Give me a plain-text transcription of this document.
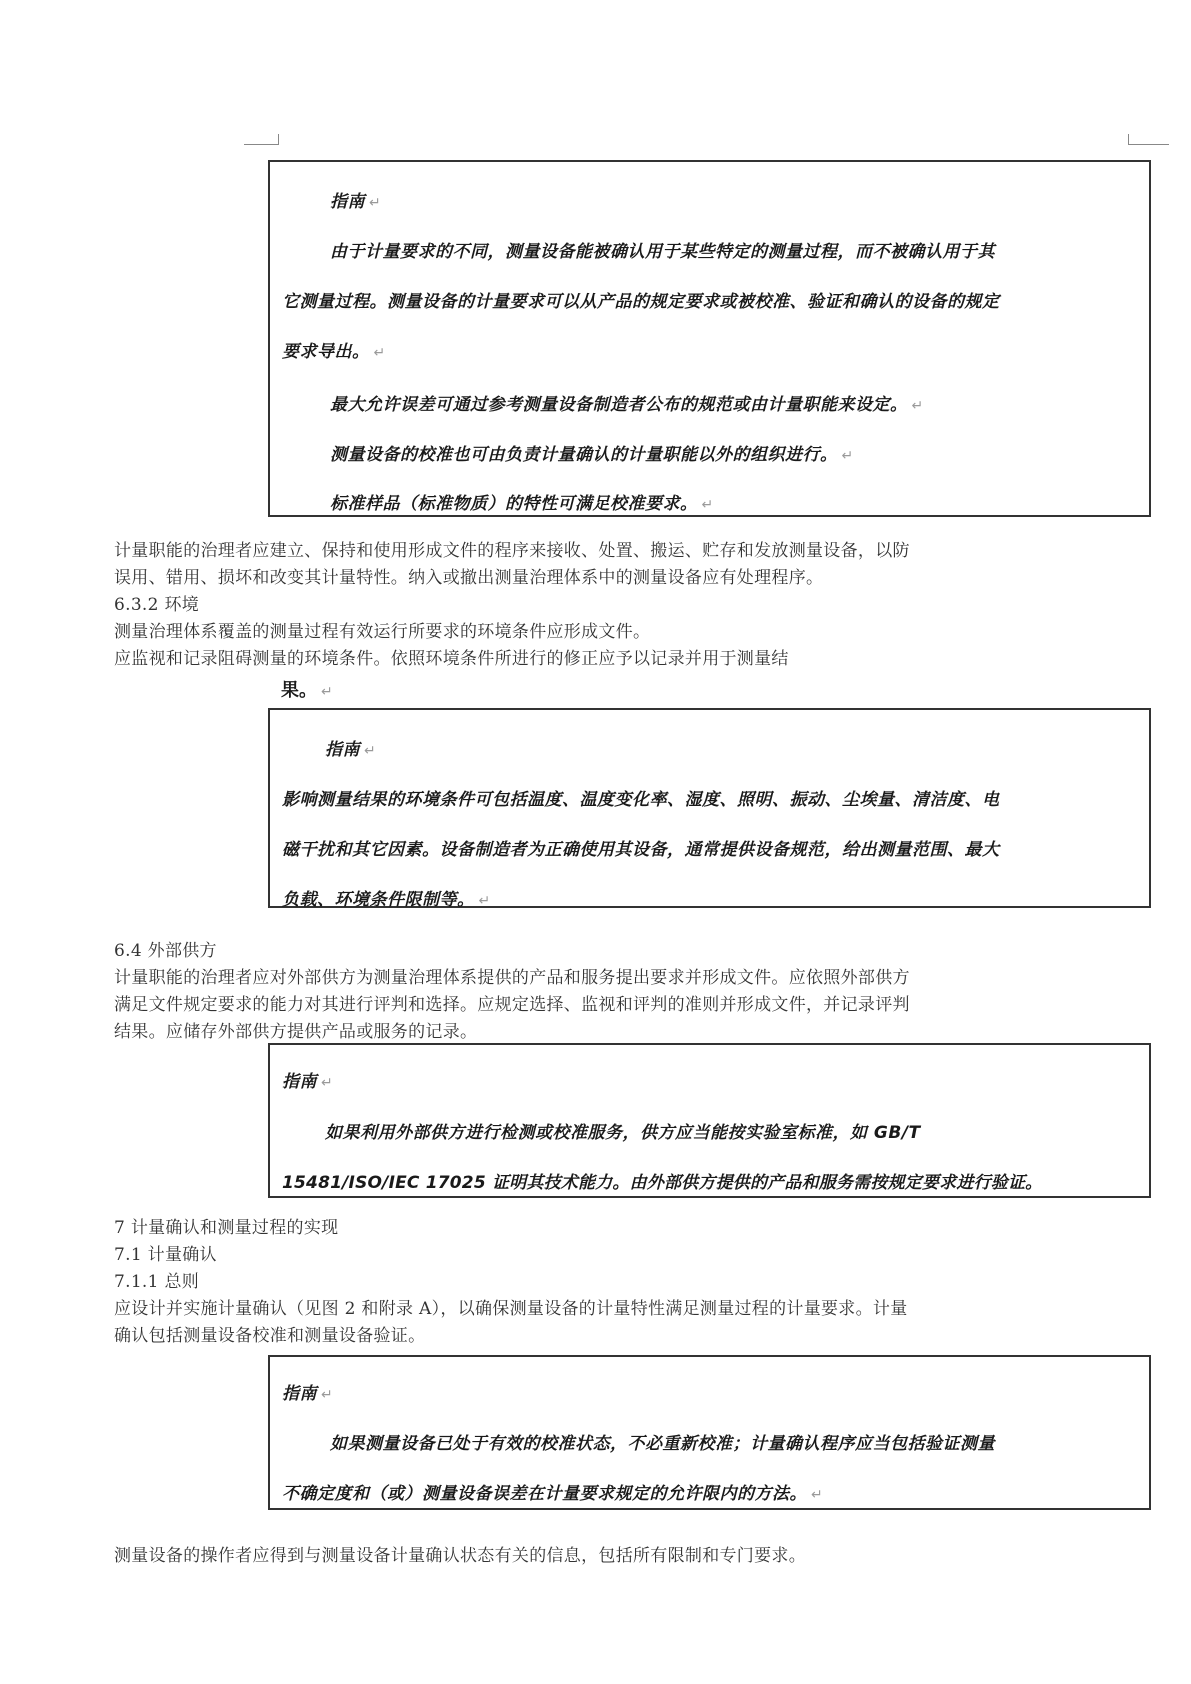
指南 ↵
由于计量要求的不同，测量设备能被确认用于某些特定的测量过程，而不被确认用于其
它测量过程。测量设备的计量要求可以从产品的规定要求或被校准、验证和确认的设备的规定
要求导出。 ↵
最大允许误差可通过参考测量设备制造者公布的规范或由计量职能来设定。 ↵
测量设备的校准也可由负责计量确认的计量职能以外的组织进行。 ↵
标准样品（标准物质）的特性可满足校准要求。 ↵
计量职能的治理者应建立、保持和使用形成文件的程序来接收、处置、搬运、贮存和发放测量设备，以防
误用、错用、损坏和改变其计量特性。纳入或撤出测量治理体系中的测量设备应有处理程序。
6.3.2 环境
测量治理体系覆盖的测量过程有效运行所要求的环境条件应形成文件。
应监视和记录阻碍测量的环境条件。依照环境条件所进行的修正应予以记录并用于测量结
果。 ↵
指南 ↵
影响测量结果的环境条件可包括温度、温度变化率、湿度、照明、振动、尘埃量、清洁度、电
磁干扰和其它因素。设备制造者为正确使用其设备，通常提供设备规范，给出测量范围、最大
负载、环境条件限制等。 ↵
6.4 外部供方
计量职能的治理者应对外部供方为测量治理体系提供的产品和服务提出要求并形成文件。应依照外部供方
满足文件规定要求的能力对其进行评判和选择。应规定选择、监视和评判的准则并形成文件，并记录评判
结果。应储存外部供方提供产品或服务的记录。
指南 ↵
如果利用外部供方进行检测或校准服务，供方应当能按实验室标准，如 GB/T
15481/ISO/IEC 17025 证明其技术能力。由外部供方提供的产品和服务需按规定要求进行验证。
7 计量确认和测量过程的实现
7.1 计量确认
7.1.1 总则
应设计并实施计量确认（见图 2 和附录 A），以确保测量设备的计量特性满足测量过程的计量要求。计量
确认包括测量设备校准和测量设备验证。
指南 ↵
如果测量设备已处于有效的校准状态，不必重新校准；计量确认程序应当包括验证测量
不确定度和（或）测量设备误差在计量要求规定的允许限内的方法。 ↵
测量设备的操作者应得到与测量设备计量确认状态有关的信息，包括所有限制和专门要求。
